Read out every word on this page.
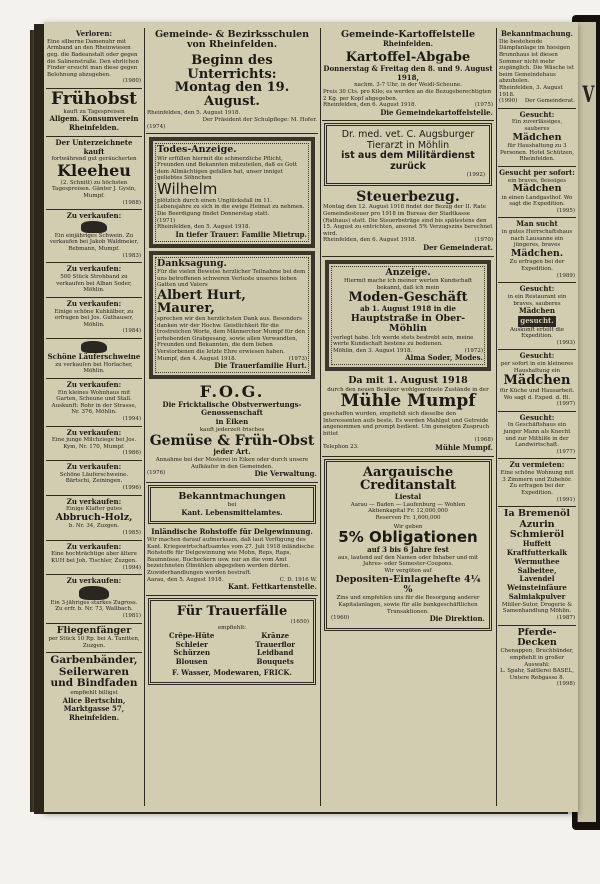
V
Verloren:
Eine silberne Damenuhr mit Armband an den Rheinwiesen geg. die Badeanstalt oder gegen die Salinenstraße. Den ehrlichen Finder ersucht man diese gegen Belohnung abzugeben.
(1980)
Frühobst
kauft zu Tagespreisen
Allgem. Konsumverein Rheinfelden.
Der Unterzeichnete kauft
fortwährend gut geräucherten
Kleeheu
(2. Schnitt) zu höchsten Tagespreisen. Gänter J. Gysin, Mumpf.
(1988)
Zu verkaufen:
Ein einjähriges Schwein. Zu verkaufen bei Jakob Waldmeier, Rebmann, Mumpf.
(1983)
Zu verkaufen:
500 Stück Strohband zu verkaufen bei Alban Soder, Möhlin.
Zu verkaufen:
Einige schöne Kuhkälber, zu erfragen bei Jos. Guthauser, Möhlin.
(1984)
Schöne Läuferschweine
zu verkaufen bei Horlacher, Möhlin.
Zu verkaufen:
Ein kleines Wohnhaus mit Garten, Scheune und Stall. Auskunft: Rohr in der Strasse, Nr. 376, Möhlin.
(1994)
Zu verkaufen:
Eine junge Milchziege bei Jos. Kym, Nr. 170, Mumpf.
(1986)
Zu verkaufen:
Schöne Läuferschweine. Bärtschi, Zeiningen.
(1996)
Zu verkaufen:
Einige Klafter gutes
Abbruch-Holz,
b. Nr. 34, Zuzgen.
(1985)
Zu verkaufen:
Eine hochträchtige aber ältere KUH bei Joh. Tischler, Zuzgen.
(1994)
Zu verkaufen:
Ein 3-jähriges starkes Zugross. Zu erfr. b. Nr. 73, Wallbach.
(1981)
Fliegenfänger
per Stück 10 Rp. bei A. Tanitten, Zuzgen.
Garbenbänder, Seilerwaren und Bindfaden
empfiehlt billigst
Alice Bertschin, Marktgasse 57, Rheinfelden.
Gemeinde- & Bezirksschulen
von Rheinfelden.
Beginn des Unterrichts:
Montag den 19. August.
Rheinfelden, den 5. August 1918.
Der Präsident der Schulpflege: M. Hofer.
(1974)
Todes-Anzeige.
Wir erfüllen hiermit die schmerzliche Pflicht, Freunden und Bekannten mitzuteilen, daß es Gott dem Allmächtigen gefallen hat, unser innigst geliebtes Söhnchen
Wilhelm
plötzlich durch einen Unglücksfall im 11. Lebensjahre zu sich in die ewige Heimat zu nehmen. Die Beerdigung findet Donnerstag statt.
(1971)
Rheinfelden, den 5. August 1918.
In tiefer Trauer: Familie Mietrup.
Danksagung.
Für die vielen Beweise herzlicher Teilnahme bei dem uns betroffenen schweren Verluste unseres lieben Gatten und Vaters
Albert Hurt, Maurer,
sprechen wir den herzlichsten Dank aus. Besonders danken wir der Hochw. Geistlichkeit für die trostreichen Worte, dem Männerchor Mumpf für den erhebenden Grabgesang, sowie allen Verwandten, Freunden und Bekannten, die dem lieben Verstorbenen die letzte Ehre erwiesen haben.
Mumpf, den 4. August 1918.	(1973)
Die Trauerfamilie Hurt.
F.O.G.
Die Fricktalische Obstverwertungs-Genossenschaft
in Eiken
kauft jederzeit frisches
Gemüse & Früh-Obst
jeder Art.
Annahme bei der Mosterei in Eiken oder durch unsere Aufkäufer in den Gemeinden.
(1976)	Die Verwaltung.
Bekanntmachungen
bei
Kant. Lebensmittelamtes.
Inländische Rohstoffe für Delgewinnung.
Wir machen darauf aufmerksam, daß laut Verfügung des Kant. Kriegswirtschaftsamtes vom 27. Juli 1918 inländische Rohstoffe für Delgewinnung wie Mohn, Reps, Raps, Baumnüsse, Bucheckern usw. nur an die vom Amt bezeichneten Ölmühlen abgegeben werden dürfen. Zuwiderhandlungen werden bestraft.
Aarau, den 5. August 1918.	C. D. 1916 W.
Kant. Fettkartenstelle.
Für Trauerfälle
(1650)
empfiehlt:
Crêpe-Hüte
Schleier
Schürzen
Blousen
Kränze
Trauerflor
Leidband
Bouquets
F. Wasser, Modewaren, FRICK.
Gemeinde-Kartoffelstelle
Rheinfelden.
Kartoffel-Abgabe
Donnerstag & Freitag den 8. und 9. August 1918,
nachm. 3-7 Uhr, in der Weidl-Scheune.
Preis 30 Cts. pro Kilo; es werden an die Bezugsberechtigten 2 Kg. per Kopf abgegeben.
Rheinfelden, den 6. August 1918.	(1975)
Die Gemeindekartoffelstelle.
Dr. med. vet. C. Augsburger
Tierarzt in Möhlin
ist aus dem Militärdienst zurück
(1992)
Steuerbezug.
Montag den 12. August 1918 findet der Bezug der II. Rate Gemeindesteuer pro 1918 im Bureau der Stadtkasse (Rathaus) statt. Die Steuerbeträge sind bis spätestens den 15. August zu entrichten, ansonst 5% Verzugszins berechnet wird.
Rheinfelden, den 6. August 1918.	(1970)
Der Gemeinderat.
Anzeige.
Hiermit mache ich meiner werten Kundschaft bekannt, daß ich mein
Moden-Geschäft
ab 1. August 1918 in die
Hauptstraße in Ober-Möhlin
verlegt habe. Ich werde stets bestrebt sein, meine werte Kundschaft bestens zu bedienen.
Möhlin, den 3. August 1918.	(1972)
Alma Soder, Modes.
Da mit 1. August 1918
durch den neuen Besitzer wohlgeordnete Zustände in der
Mühle Mumpf
geschaffen wurden, empfiehlt sich dieselbe den Interessenten aufs beste. Es werden Mahlgut und Getreide angenommen und prompt bedient. Um geneigten Zuspruch bittet
(1968)
Telephon 23.	Mühle Mumpf.
Aargauische Creditanstalt
Liestal
Aarau — Baden — Laufenburg — Wohlen
Aktienkapital Fr. 12,000,000
Reserven Fr. 1,600,000
Wir geben
5% Obligationen
auf 3 bis 6 Jahre fest
aus, lautend auf den Namen oder Inhaber und mit Jahres- oder Semester-Coupons.
Wir vergüten auf
Depositen-Einlagehefte 4¼ %
Zins und empfehlen uns für die Besorgung anderer Kapitalanlagen, sowie für alle bankgeschäftlichen Transaktionen.
(1960)	Die Direktion.
Bekanntmachung.
Die bestehende Dämpfanlage im hiesigen Brunnhaus ist diesen Sommer nicht mehr zugänglich. Die Wäsche ist beim Gemeindehaus abzuholen.
Rheinfelden, 3. August 1918.
(1990) Der Gemeinderat.
Gesucht:
Ein zuverlässiges, sauberes
Mädchen
für Haushaltung zu 3 Personen. Hotel Schützen, Rheinfelden.
Gesucht per sofort:
ein braves, fleissiges
Mädchen
in einen Landgasthof. Wo sagt die Expedition.
(1995)
Man sucht
in gutes Herrschaftshaus nach Lausanne ein jüngeres, braves
Mädchen.
Zu erfragen bei der Expedition.
(1989)
Gesucht:
in ein Restaurant ein braves, sauberes
Mädchen
gesucht.
Auskunft erteilt die Expedition.
(1993)
Gesucht:
per sofort in ein kleineres Haushaltung ein
Mädchen
für Küche und Hausarbeit. Wo sagt d. Exped. d. Bl.
(1997)
Gesucht:
In Geschäftshaus ein junger Mann als Knecht und zur Mithilfe in der Landwirtschaft.
(1977)
Zu vermieten:
Eine schöne Wohnung mit 3 Zimmern und Zubehör. Zu erfragen bei der Expedition.
(1991)
Ia Bremenöl
Azurin
Schmieröl
Huffett
Kraftfutterkalk
Wermuthee
Salbeitee, Lavendel
Weinsteinfäure
Salmiakpulver
Müller-Sutor, Drogerie & Samenhandlung Möhlin.
(1987)
Pferde-Decken
Chenappen, Bruchbänder, empfiehlt in großer Auswahl:
L. Spahr, Sattlerei BASEL, Untere Rebgasse 8.
(1998)
